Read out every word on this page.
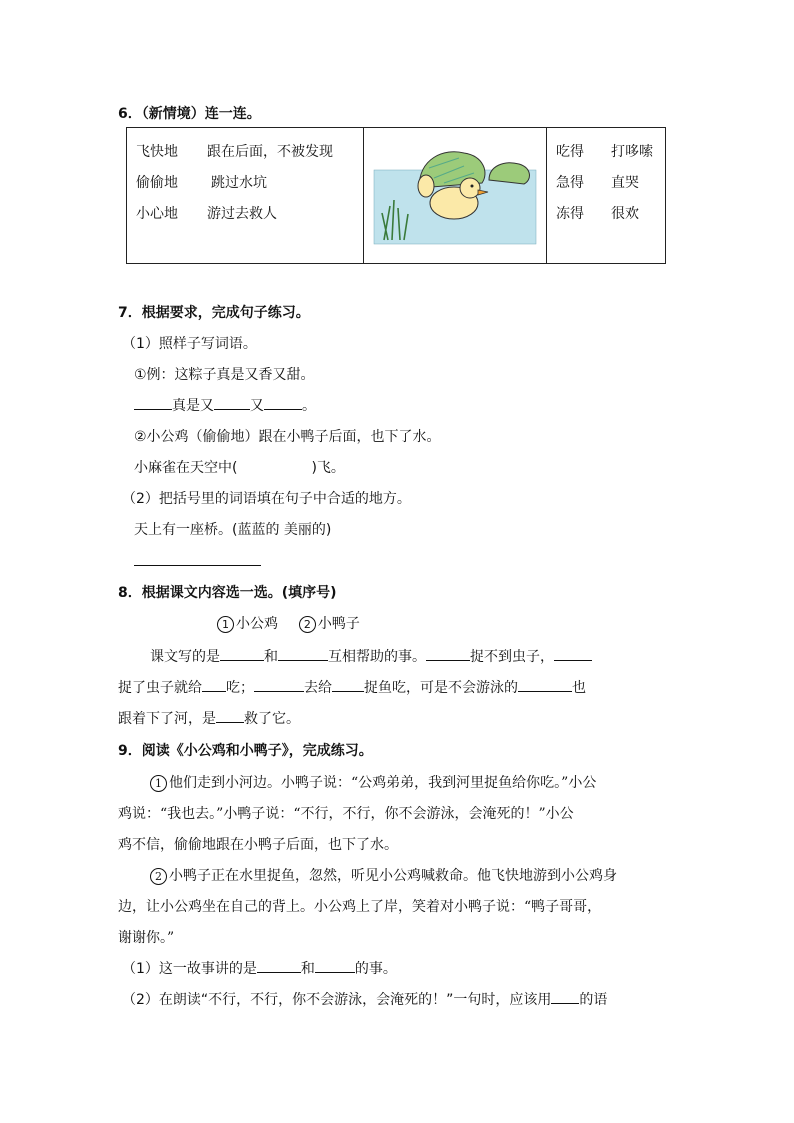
6．（新情境）连一连。
飞快地 跟在后面，不被发现
偷偷地 跳过水坑
小心地 游过去救人

吃得 打哆嗦
急得 直哭
冻得 很欢
7．根据要求，完成句子练习。
（1）照样子写词语。
①例：这粽子真是又香又甜。
真是又	又	。
②小公鸡（偷偷地）跟在小鸭子后面，也下了水。
小麻雀在天空中(	)飞。
（2）把括号里的词语填在句子中合适的地方。
天上有一座桥。(蓝蓝的 美丽的)
8．根据课文内容选一选。(填序号)
1 小公鸡 2 小鸭子
课文写的是	和	互相帮助的事。	捉不到虫子，
捉了虫子就给 吃；	去给 捉鱼吃，可是不会游泳的	也
跟着下了河，是 救了它。
9．阅读《小公鸡和小鸭子》，完成练习。
1 他们走到小河边。小鸭子说：“公鸡弟弟，我到河里捉鱼给你吃。”小公
鸡说：“我也去。”小鸭子说：“不行，不行，你不会游泳，会淹死的！”小公
鸡不信，偷偷地跟在小鸭子后面，也下了水。
2 小鸭子正在水里捉鱼，忽然，听见小公鸡喊救命。他飞快地游到小公鸡身
边，让小公鸡坐在自己的背上。小公鸡上了岸，笑着对小鸭子说：“鸭子哥哥，
谢谢你。”
（1）这一故事讲的是	和	的事。
（2）在朗读“不行，不行，你不会游泳，会淹死的！”一句时，应该用 的语
